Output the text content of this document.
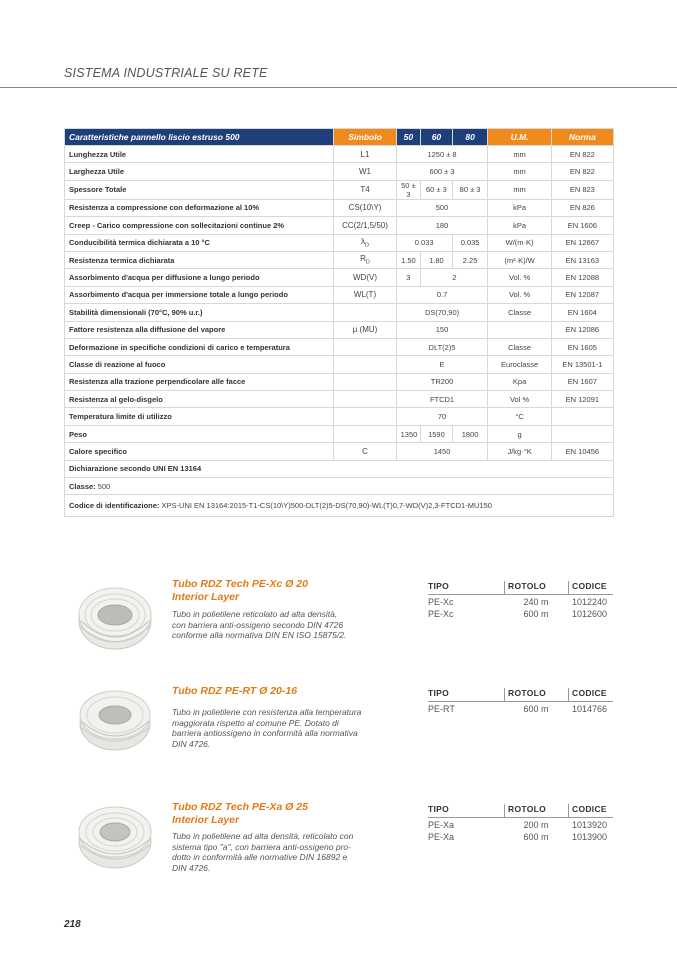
SISTEMA INDUSTRIALE SU RETE
Caratteristiche pannello liscio estruso 500	Simbolo	50	60	80	U.M.	Norma
Lunghezza Utile	L1	1250 ± 8			mm	EN 822
Larghezza Utile	W1	600 ± 3			mm	EN 822
Spessore Totale	T4	50 ± 3	60 ± 3	80 ± 3	mm	EN 823
Resistenza a compressione con deformazione al 10%	CS(10\Y)	500			kPa	EN 826
Creep - Carico compressione con sollecitazioni continue 2%	CC(2/1,5/50)	180			kPa	EN 1606
Conducibilità termica dichiarata a 10 °C	$\lambda_D$	0.033		0.035	W/(m·K)	EN 12667
Resistenza termica dichiarata	$R_D$	1.50	1.80	2.25	(m²·K)/W	EN 13163
Assorbimento d'acqua per diffusione a lungo periodo	WD(V)	3	2		Vol. %	EN 12088
Assorbimento d'acqua per immersione totale a lungo periodo	WL(T)	0.7			Vol. %	EN 12087
Stabilità dimensionali (70°C, 90% u.r.)		DS(70,90)			Classe	EN 1604
Fattore resistenza alla diffusione del vapore	μ (MU)	150				EN 12086
Deformazione in specifiche condizioni di carico e temperatura		DLT(2)5			Classe	EN 1605
Classe di reazione al fuoco		E			Euroclasse	EN 13501-1
Resistenza alla trazione perpendicolare alle facce		TR200			Kpa	EN 1607
Resistenza al gelo-disgelo		FTCD1			Vol %	EN 12091
Temperatura limite di utilizzo		70			°C	
Peso		1350	1590	1800	g	
Calore specifico	C	1450			J/kg·°K	EN 10456
Dichiarazione secondo UNI EN 13164						
Classe: 500						
Codice di identificazione: XPS-UNI EN 13164:2015-T1-CS(10\Y)500-DLT(2)5-DS(70,90)-WL(T)0,7-WD(V)2,3-FTCD1-MU150						
Tubo RDZ Tech PE-Xc Ø 20
Interior Layer
Tubo in polietilene reticolato ad alta densità,
con barriera anti-ossigeno secondo DIN 4726
conforme alla normativa DIN EN ISO 15875/2.
TIPO	ROTOLO	CODICE
PE-Xc	240 m	1012240
PE-Xc	600 m	1012600
Tubo RDZ PE-RT Ø 20-16
Tubo in polietilene con resistenza alla temperatura
maggiorata rispetto al comune PE. Dotato di
barriera antiossigeno in conformità alla normativa
DIN 4726.
TIPO	ROTOLO	CODICE
PE-RT	600 m	1014766
Tubo RDZ Tech PE-Xa Ø 25
Interior Layer
Tubo in polietilene ad alta densità, reticolato con
sistema tipo "a", con barriera anti-ossigeno pro-
dotto in conformità alle normative DIN 16892 e
DIN 4726.
TIPO	ROTOLO	CODICE
PE-Xa	200 m	1013920
PE-Xa	600 m	1013900
218
